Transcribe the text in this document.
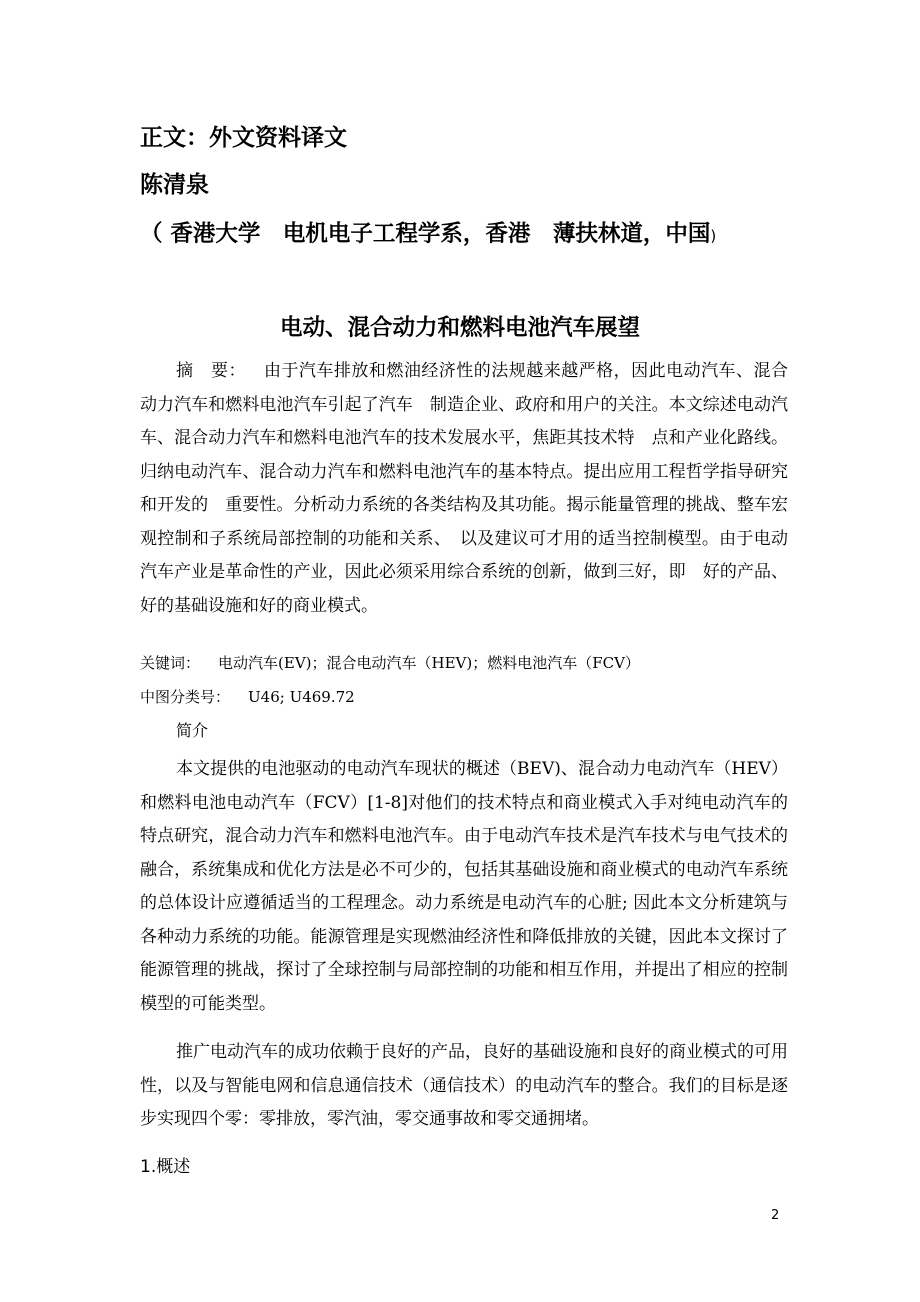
正文：外文资料译文
陈清泉
（ 香港大学　电机电子工程学系，香港　薄扶林道，中国)
电动、混合动力和燃料电池汽车展望

摘　要： 由于汽车排放和燃油经济性的法规越来越严格，因此电动汽车、混合动力汽车和燃料电池汽车引起了汽车　制造企业、政府和用户的关注。本文综述电动汽车、混合动力汽车和燃料电池汽车的技术发展水平，焦距其技术特　点和产业化路线。归纳电动汽车、混合动力汽车和燃料电池汽车的基本特点。提出应用工程哲学指导研究和开发的　重要性。分析动力系统的各类结构及其功能。揭示能量管理的挑战、整车宏观控制和子系统局部控制的功能和关系、　以及建议可才用的适当控制模型。由于电动汽车产业是革命性的产业，因此必须采用综合系统的创新，做到三好，即　好的产品、好的基础设施和好的商业模式。

关键词： 电动汽车(EV)；混合电动汽车（HEV)；燃料电池汽车（FCV）
中图分类号： U46; U469.72
简介

本文提供的电池驱动的电动汽车现状的概述（BEV)、混合动力电动汽车（HEV）和燃料电池电动汽车（FCV）[1-8]对他们的技术特点和商业模式入手对纯电动汽车的特点研究，混合动力汽车和燃料电池汽车。由于电动汽车技术是汽车技术与电气技术的融合，系统集成和优化方法是必不可少的，包括其基础设施和商业模式的电动汽车系统的总体设计应遵循适当的工程理念。动力系统是电动汽车的心脏; 因此本文分析建筑与各种动力系统的功能。能源管理是实现燃油经济性和降低排放的关键，因此本文探讨了能源管理的挑战，探讨了全球控制与局部控制的功能和相互作用，并提出了相应的控制模型的可能类型。

推广电动汽车的成功依赖于良好的产品，良好的基础设施和良好的商业模式的可用性，以及与智能电网和信息通信技术（通信技术）的电动汽车的整合。我们的目标是逐步实现四个零：零排放，零汽油，零交通事故和零交通拥堵。

1.概述
2
